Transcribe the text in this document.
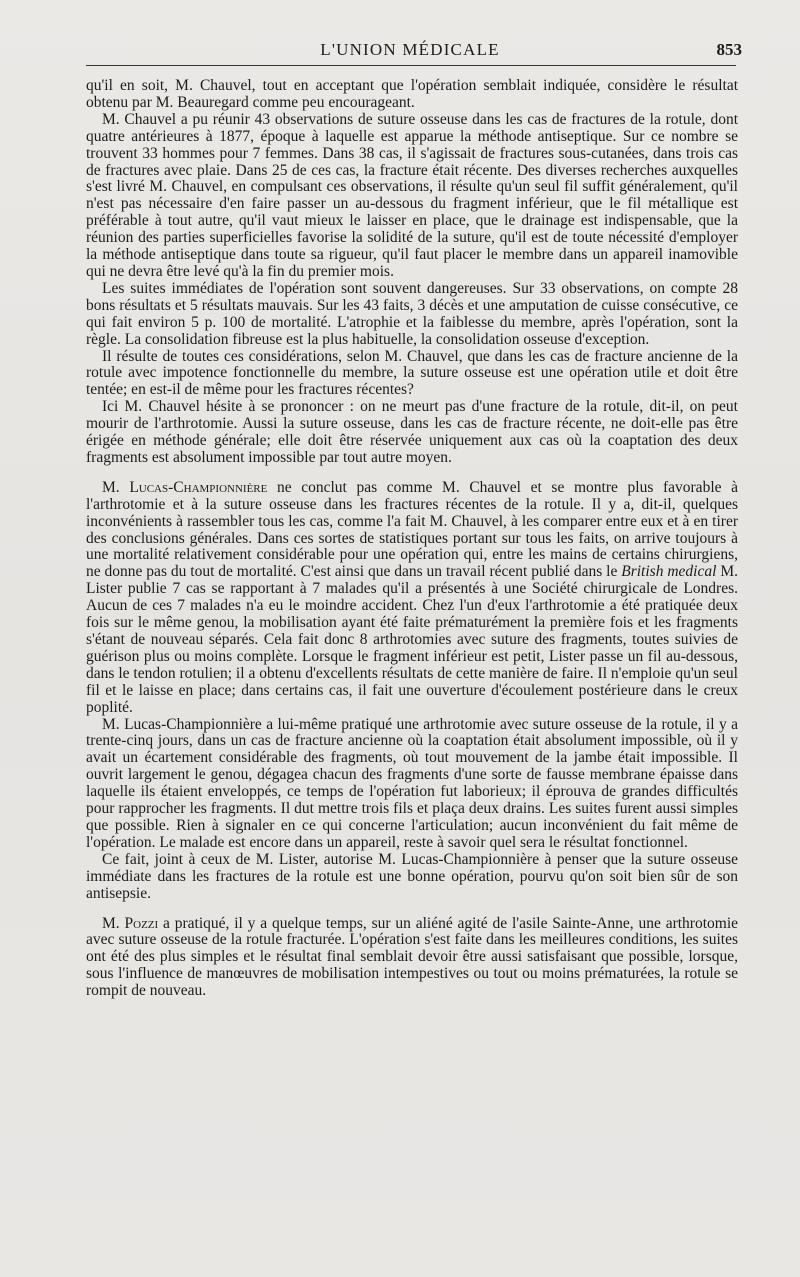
L'UNION MÉDICALE	853

qu'il en soit, M. Chauvel, tout en acceptant que l'opération semblait indiquée, considère le résultat obtenu par M. Beauregard comme peu encourageant.

M. Chauvel a pu réunir 43 observations de suture osseuse dans les cas de fractures de la rotule, dont quatre antérieures à 1877, époque à laquelle est apparue la méthode antiseptique. Sur ce nombre se trouvent 33 hommes pour 7 femmes. Dans 38 cas, il s'agissait de fractures sous-cutanées, dans trois cas de fractures avec plaie. Dans 25 de ces cas, la fracture était récente. Des diverses recherches auxquelles s'est livré M. Chauvel, en compulsant ces observations, il résulte qu'un seul fil suffit généralement, qu'il n'est pas nécessaire d'en faire passer un au-dessous du fragment inférieur, que le fil métallique est préférable à tout autre, qu'il vaut mieux le laisser en place, que le drainage est indispensable, que la réunion des parties superficielles favorise la solidité de la suture, qu'il est de toute nécessité d'employer la méthode antiseptique dans toute sa rigueur, qu'il faut placer le membre dans un appareil inamovible qui ne devra être levé qu'à la fin du premier mois.

Les suites immédiates de l'opération sont souvent dangereuses. Sur 33 observations, on compte 28 bons résultats et 5 résultats mauvais. Sur les 43 faits, 3 décès et une amputation de cuisse consécutive, ce qui fait environ 5 p. 100 de mortalité. L'atrophie et la faiblesse du membre, après l'opération, sont la règle. La consolidation fibreuse est la plus habituelle, la consolidation osseuse d'exception.

Il résulte de toutes ces considérations, selon M. Chauvel, que dans les cas de fracture ancienne de la rotule avec impotence fonctionnelle du membre, la suture osseuse est une opération utile et doit être tentée; en est-il de même pour les fractures récentes?

Ici M. Chauvel hésite à se prononcer : on ne meurt pas d'une fracture de la rotule, dit-il, on peut mourir de l'arthrotomie. Aussi la suture osseuse, dans les cas de fracture récente, ne doit-elle pas être érigée en méthode générale; elle doit être réservée uniquement aux cas où la coaptation des deux fragments est absolument impossible par tout autre moyen.

M. Lucas-Championnière ne conclut pas comme M. Chauvel et se montre plus favorable à l'arthrotomie et à la suture osseuse dans les fractures récentes de la rotule. Il y a, dit-il, quelques inconvénients à rassembler tous les cas, comme l'a fait M. Chauvel, à les comparer entre eux et à en tirer des conclusions générales. Dans ces sortes de statistiques portant sur tous les faits, on arrive toujours à une mortalité relativement considérable pour une opération qui, entre les mains de certains chirurgiens, ne donne pas du tout de mortalité. C'est ainsi que dans un travail récent publié dans le British medical M. Lister publie 7 cas se rapportant à 7 malades qu'il a présentés à une Société chirurgicale de Londres. Aucun de ces 7 malades n'a eu le moindre accident. Chez l'un d'eux l'arthrotomie a été pratiquée deux fois sur le même genou, la mobilisation ayant été faite prématurément la première fois et les fragments s'étant de nouveau séparés. Cela fait donc 8 arthrotomies avec suture des fragments, toutes suivies de guérison plus ou moins complète. Lorsque le fragment inférieur est petit, Lister passe un fil au-dessous, dans le tendon rotulien; il a obtenu d'excellents résultats de cette manière de faire. Il n'emploie qu'un seul fil et le laisse en place; dans certains cas, il fait une ouverture d'écoulement postérieure dans le creux poplité.

M. Lucas-Championnière a lui-même pratiqué une arthrotomie avec suture osseuse de la rotule, il y a trente-cinq jours, dans un cas de fracture ancienne où la coaptation était absolument impossible, où il y avait un écartement considérable des fragments, où tout mouvement de la jambe était impossible. Il ouvrit largement le genou, dégagea chacun des fragments d'une sorte de fausse membrane épaisse dans laquelle ils étaient enveloppés, ce temps de l'opération fut laborieux; il éprouva de grandes difficultés pour rapprocher les fragments. Il dut mettre trois fils et plaça deux drains. Les suites furent aussi simples que possible. Rien à signaler en ce qui concerne l'articulation; aucun inconvénient du fait même de l'opération. Le malade est encore dans un appareil, reste à savoir quel sera le résultat fonctionnel.

Ce fait, joint à ceux de M. Lister, autorise M. Lucas-Championnière à penser que la suture osseuse immédiate dans les fractures de la rotule est une bonne opération, pourvu qu'on soit bien sûr de son antisepsie.

M. Pozzi a pratiqué, il y a quelque temps, sur un aliéné agité de l'asile Sainte-Anne, une arthrotomie avec suture osseuse de la rotule fracturée. L'opération s'est faite dans les meilleures conditions, les suites ont été des plus simples et le résultat final semblait devoir être aussi satisfaisant que possible, lorsque, sous l'influence de manœuvres de mobilisation intempestives ou tout ou moins prématurées, la rotule se rompit de nouveau.
